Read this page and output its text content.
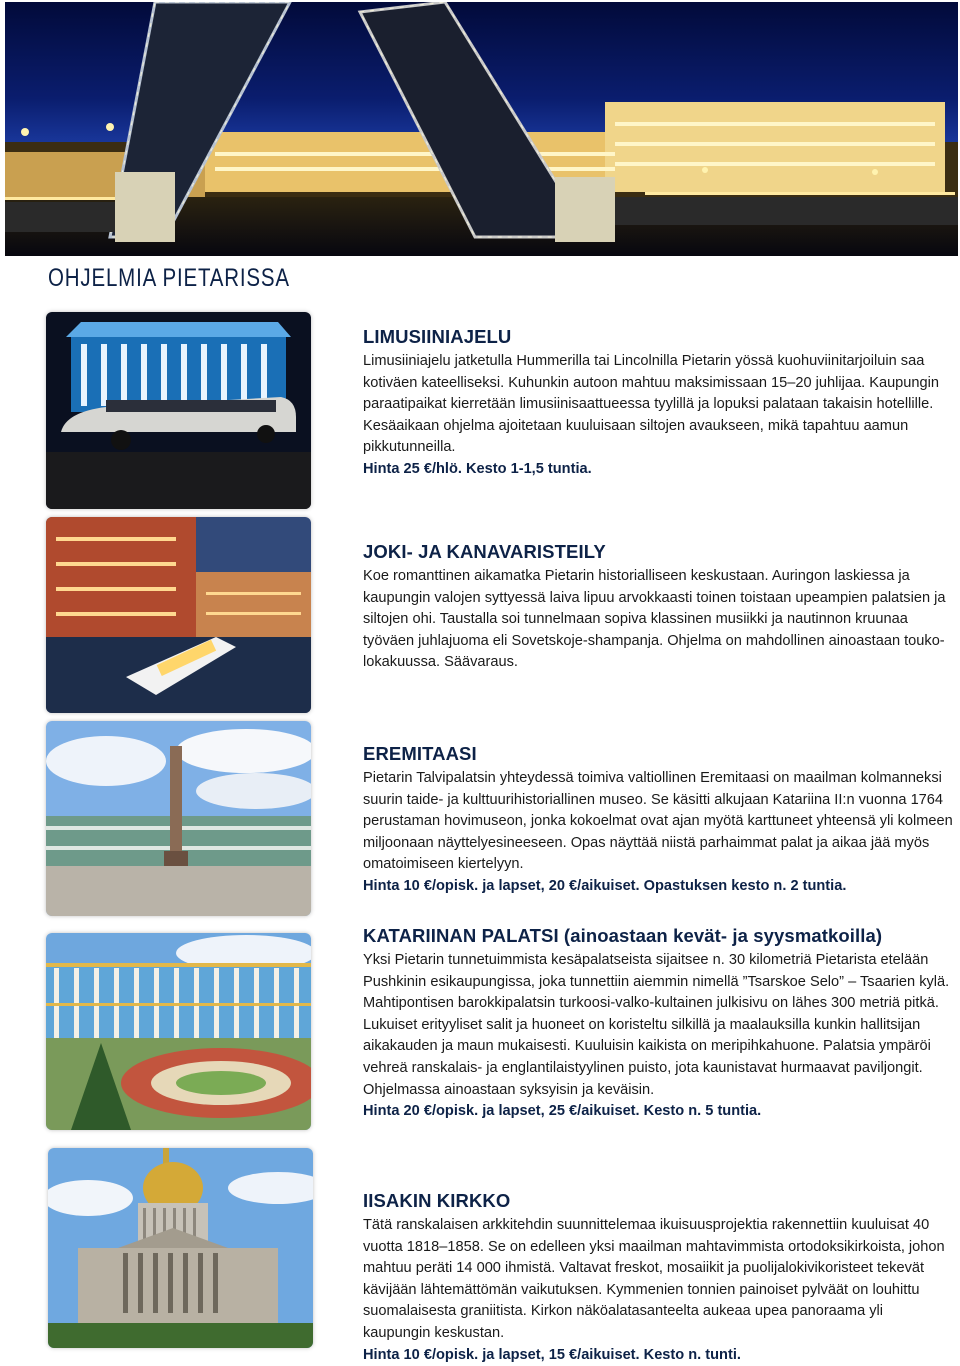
OHJELMIA PIETARISSA
LIMUSIINIAJELU

Limusiiniajelu jatketulla Hummerilla tai Lincolnilla Pietarin yössä kuohuviinitarjoiluin saa kotiväen kateelliseksi. Kuhunkin autoon mahtuu maksimissaan 15–20 juhlijaa. Kaupungin paraatipaikat kierretään limusiinisaattueessa tyylillä ja lopuksi palataan takaisin hotellille. Kesäaikaan ohjelma ajoitetaan kuuluisaan siltojen avaukseen, mikä tapahtuu aamun pikkutunneilla.

Hinta 25 €/hlö. Kesto 1-1,5 tuntia.

JOKI- JA KANAVARISTEILY

Koe romanttinen aikamatka Pietarin historialliseen keskustaan. Auringon laskiessa ja kaupungin valojen syttyessä laiva lipuu arvokkaasti toinen toistaan upeampien palatsien ja siltojen ohi. Taustalla soi tunnelmaan sopiva klassinen musiikki ja nautinnon kruunaa työväen juhlajuoma eli Sovetskoje-shampanja. Ohjelma on mahdollinen ainoastaan touko-lokakuussa. Säävaraus.

EREMITAASI

Pietarin Talvipalatsin yhteydessä toimiva valtiollinen Eremitaasi on maailman kolmanneksi suurin taide- ja kulttuurihistoriallinen museo. Se käsitti alkujaan Katariina II:n vuonna 1764 perustaman hovimuseon, jonka kokoelmat ovat ajan myötä karttuneet yhteensä yli kolmeen miljoonaan näyttelyesineeseen. Opas näyttää niistä parhaimmat palat ja aikaa jää myös omatoimiseen kiertelyyn.

Hinta 10 €/opisk. ja lapset, 20 €/aikuiset. Opastuksen kesto n. 2 tuntia.

KATARIINAN PALATSI (ainoastaan kevät- ja syysmatkoilla)

Yksi Pietarin tunnetuimmista kesäpalatseista sijaitsee n. 30 kilometriä Pietarista etelään Pushkinin esikaupungissa, joka tunnettiin aiemmin nimellä ”Tsarskoe Selo” – Tsaarien kylä. Mahtipontisen barokkipalatsin turkoosi-valko-kultainen julkisivu on lähes 300 metriä pitkä. Lukuiset erityyliset salit ja huoneet on koristeltu silkillä ja maalauksilla kunkin hallitsijan aikakauden ja maun mukaisesti. Kuuluisin kaikista on meripihkahuone. Palatsia ympäröi vehreä ranskalais- ja englantilaistyylinen puisto, jota kaunistavat hurmaavat paviljongit. Ohjelmassa ainoastaan syksyisin ja keväisin.

Hinta 20 €/opisk. ja lapset, 25 €/aikuiset. Kesto n. 5 tuntia.

IISAKIN KIRKKO

Tätä ranskalaisen arkkitehdin suunnittelemaa ikuisuusprojektia rakennettiin kuuluisat 40 vuotta 1818–1858. Se on edelleen yksi maailman mahtavimmista ortodoksikirkoista, johon mahtuu peräti 14 000 ihmistä. Valtavat freskot, mosaiikit ja puolijalokivikoristeet tekevät kävijään lähtemättömän vaikutuksen. Kymmenien tonnien painoiset pylväät on louhittu suomalaisesta graniitista. Kirkon näköalatasanteelta aukeaa upea panoraama yli kaupungin keskustan.

Hinta 10 €/opisk. ja lapset, 15 €/aikuiset. Kesto n. tunti.
